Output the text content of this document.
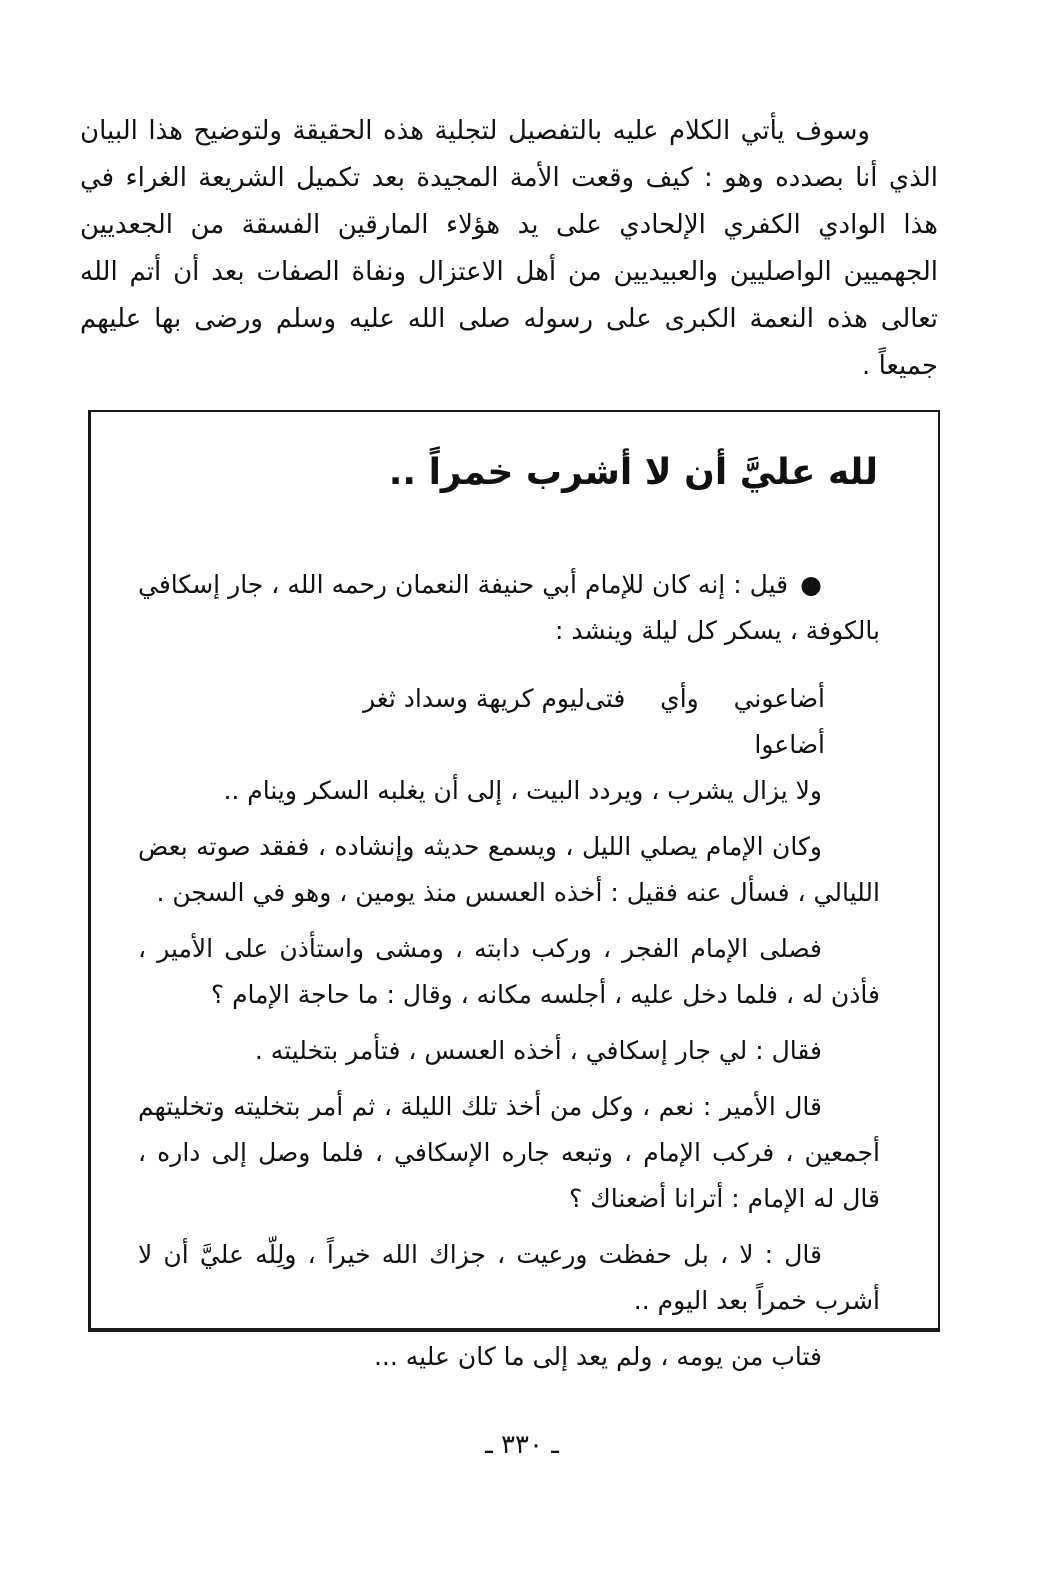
وسوف يأتي الكلام عليه بالتفصيل لتجلية هذه الحقيقة ولتوضيح هذا البيان الذي أنا بصدده وهو : كيف وقعت الأمة المجيدة بعد تكميل الشريعة الغراء في هذا الوادي الكفري الإلحادي على يد هؤلاء المارقين الفسقة من الجعديين الجهميين الواصليين والعبيديين من أهل الاعتزال ونفاة الصفات بعد أن أتم الله تعالى هذه النعمة الكبرى على رسوله صلى الله عليه وسلم ورضى بها عليهم جميعاً .

لله عليَّ أن لا أشرب خمراً ..

●قيل : إنه كان للإمام أبي حنيفة النعمان رحمه الله ، جار إسكافي بالكوفة ، يسكر كل ليلة وينشد :

أضاعوني وأي فتى أضاعوا
ليوم كريهة وسداد ثغر

ولا يزال يشرب ، ويردد البيت ، إلى أن يغلبه السكر وينام ..

وكان الإمام يصلي الليل ، ويسمع حديثه وإنشاده ، ففقد صوته بعض الليالي ، فسأل عنه فقيل : أخذه العسس منذ يومين ، وهو في السجن .

فصلى الإمام الفجر ، وركب دابته ، ومشى واستأذن على الأمير ، فأذن له ، فلما دخل عليه ، أجلسه مكانه ، وقال : ما حاجة الإمام ؟

فقال : لي جار إسكافي ، أخذه العسس ، فتأمر بتخليته .

قال الأمير : نعم ، وكل من أخذ تلك الليلة ، ثم أمر بتخليته وتخليتهم أجمعين ، فركب الإمام ، وتبعه جاره الإسكافي ، فلما وصل إلى داره ، قال له الإمام : أترانا أضعناك ؟

قال : لا ، بل حفظت ورعيت ، جزاك الله خيراً ، ولِلّه عليَّ أن لا أشرب خمراً بعد اليوم ..

فتاب من يومه ، ولم يعد إلى ما كان عليه ...

ـ ٣٣٠ ـ
